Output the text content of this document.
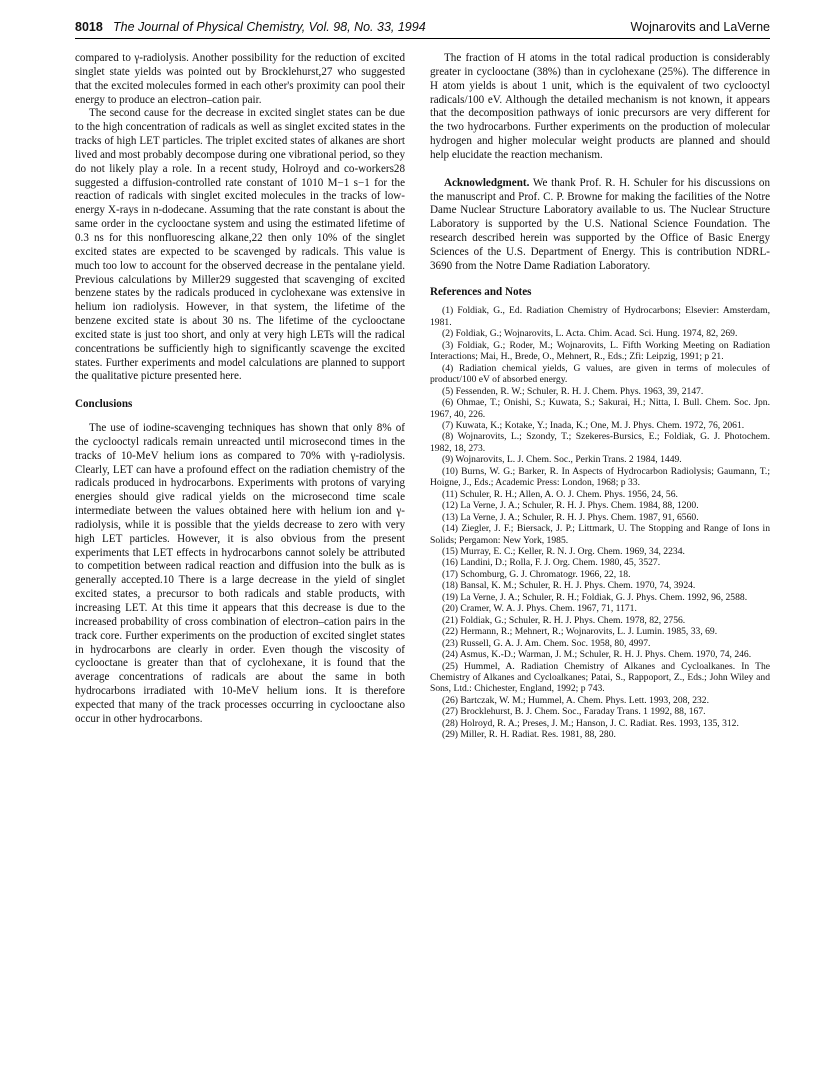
8018 The Journal of Physical Chemistry, Vol. 98, No. 33, 1994	Wojnarovits and LaVerne

compared to γ-radiolysis. Another possibility for the reduction of excited singlet state yields was pointed out by Brocklehurst,27 who suggested that the excited molecules formed in each other's proximity can pool their energy to produce an electron–cation pair.

The second cause for the decrease in excited singlet states can be due to the high concentration of radicals as well as singlet excited states in the tracks of high LET particles. The triplet excited states of alkanes are short lived and most probably decompose during one vibrational period, so they do not likely play a role. In a recent study, Holroyd and co-workers28 suggested a diffusion-controlled rate constant of 1010 M−1 s−1 for the reaction of radicals with singlet excited molecules in the tracks of low-energy X-rays in n-dodecane. Assuming that the rate constant is about the same order in the cyclooctane system and using the estimated lifetime of 0.3 ns for this nonfluorescing alkane,22 then only 10% of the singlet excited states are expected to be scavenged by radicals. This value is much too low to account for the observed decrease in the pentalane yield. Previous calculations by Miller29 suggested that scavenging of excited benzene states by the radicals produced in cyclohexane was extensive in helium ion radiolysis. However, in that system, the lifetime of the benzene excited state is about 30 ns. The lifetime of the cyclooctane excited state is just too short, and only at very high LETs will the radical concentrations be sufficiently high to significantly scavenge the excited states. Further experiments and model calculations are planned to support the qualitative picture presented here.

Conclusions

The use of iodine-scavenging techniques has shown that only 8% of the cyclooctyl radicals remain unreacted until microsecond times in the tracks of 10-MeV helium ions as compared to 70% with γ-radiolysis. Clearly, LET can have a profound effect on the radiation chemistry of the radicals produced in hydrocarbons. Experiments with protons of varying energies should give radical yields on the microsecond time scale intermediate between the values obtained here with helium ion and γ-radiolysis, while it is possible that the yields decrease to zero with very high LET particles. However, it is also obvious from the present experiments that LET effects in hydrocarbons cannot solely be attributed to competition between radical reaction and diffusion into the bulk as is generally accepted.10 There is a large decrease in the yield of singlet excited states, a precursor to both radicals and stable products, with increasing LET. At this time it appears that this decrease is due to the increased probability of cross combination of electron–cation pairs in the track core. Further experiments on the production of excited singlet states in hydrocarbons are clearly in order. Even though the viscosity of cyclooctane is greater than that of cyclohexane, it is found that the average concentrations of radicals are about the same in both hydrocarbons irradiated with 10-MeV helium ions. It is therefore expected that many of the track processes occurring in cyclooctane also occur in other hydrocarbons.

The fraction of H atoms in the total radical production is considerably greater in cyclooctane (38%) than in cyclohexane (25%). The difference in H atom yields is about 1 unit, which is the equivalent of two cyclooctyl radicals/100 eV. Although the detailed mechanism is not known, it appears that the decomposition pathways of ionic precursors are very different for the two hydrocarbons. Further experiments on the production of molecular hydrogen and higher molecular weight products are planned and should help elucidate the reaction mechanism.

Acknowledgment. We thank Prof. R. H. Schuler for his discussions on the manuscript and Prof. C. P. Browne for making the facilities of the Notre Dame Nuclear Structure Laboratory available to us. The Nuclear Structure Laboratory is supported by the U.S. National Science Foundation. The research described herein was supported by the Office of Basic Energy Sciences of the U.S. Department of Energy. This is contribution NDRL-3690 from the Notre Dame Radiation Laboratory.

References and Notes
(1) Foldiak, G., Ed. Radiation Chemistry of Hydrocarbons; Elsevier: Amsterdam, 1981.
(2) Foldiak, G.; Wojnarovits, L. Acta. Chim. Acad. Sci. Hung. 1974, 82, 269.
(3) Foldiak, G.; Roder, M.; Wojnarovits, L. Fifth Working Meeting on Radiation Interactions; Mai, H., Brede, O., Mehnert, R., Eds.; Zfi: Leipzig, 1991; p 21.
(4) Radiation chemical yields, G values, are given in terms of molecules of product/100 eV of absorbed energy.
(5) Fessenden, R. W.; Schuler, R. H. J. Chem. Phys. 1963, 39, 2147.
(6) Ohmae, T.; Onishi, S.; Kuwata, S.; Sakurai, H.; Nitta, I. Bull. Chem. Soc. Jpn. 1967, 40, 226.
(7) Kuwata, K.; Kotake, Y.; Inada, K.; One, M. J. Phys. Chem. 1972, 76, 2061.
(8) Wojnarovits, L.; Szondy, T.; Szekeres-Bursics, E.; Foldiak, G. J. Photochem. 1982, 18, 273.
(9) Wojnarovits, L. J. Chem. Soc., Perkin Trans. 2 1984, 1449.
(10) Burns, W. G.; Barker, R. In Aspects of Hydrocarbon Radiolysis; Gaumann, T.; Hoigne, J., Eds.; Academic Press: London, 1968; p 33.
(11) Schuler, R. H.; Allen, A. O. J. Chem. Phys. 1956, 24, 56.
(12) La Verne, J. A.; Schuler, R. H. J. Phys. Chem. 1984, 88, 1200.
(13) La Verne, J. A.; Schuler, R. H. J. Phys. Chem. 1987, 91, 6560.
(14) Ziegler, J. F.; Biersack, J. P.; Littmark, U. The Stopping and Range of Ions in Solids; Pergamon: New York, 1985.
(15) Murray, E. C.; Keller, R. N. J. Org. Chem. 1969, 34, 2234.
(16) Landini, D.; Rolla, F. J. Org. Chem. 1980, 45, 3527.
(17) Schomburg, G. J. Chromatogr. 1966, 22, 18.
(18) Bansal, K. M.; Schuler, R. H. J. Phys. Chem. 1970, 74, 3924.
(19) La Verne, J. A.; Schuler, R. H.; Foldiak, G. J. Phys. Chem. 1992, 96, 2588.
(20) Cramer, W. A. J. Phys. Chem. 1967, 71, 1171.
(21) Foldiak, G.; Schuler, R. H. J. Phys. Chem. 1978, 82, 2756.
(22) Hermann, R.; Mehnert, R.; Wojnarovits, L. J. Lumin. 1985, 33, 69.
(23) Russell, G. A. J. Am. Chem. Soc. 1958, 80, 4997.
(24) Asmus, K.-D.; Warman, J. M.; Schuler, R. H. J. Phys. Chem. 1970, 74, 246.
(25) Hummel, A. Radiation Chemistry of Alkanes and Cycloalkanes. In The Chemistry of Alkanes and Cycloalkanes; Patai, S., Rappoport, Z., Eds.; John Wiley and Sons, Ltd.: Chichester, England, 1992; p 743.
(26) Bartczak, W. M.; Hummel, A. Chem. Phys. Lett. 1993, 208, 232.
(27) Brocklehurst, B. J. Chem. Soc., Faraday Trans. 1 1992, 88, 167.
(28) Holroyd, R. A.; Preses, J. M.; Hanson, J. C. Radiat. Res. 1993, 135, 312.
(29) Miller, R. H. Radiat. Res. 1981, 88, 280.
